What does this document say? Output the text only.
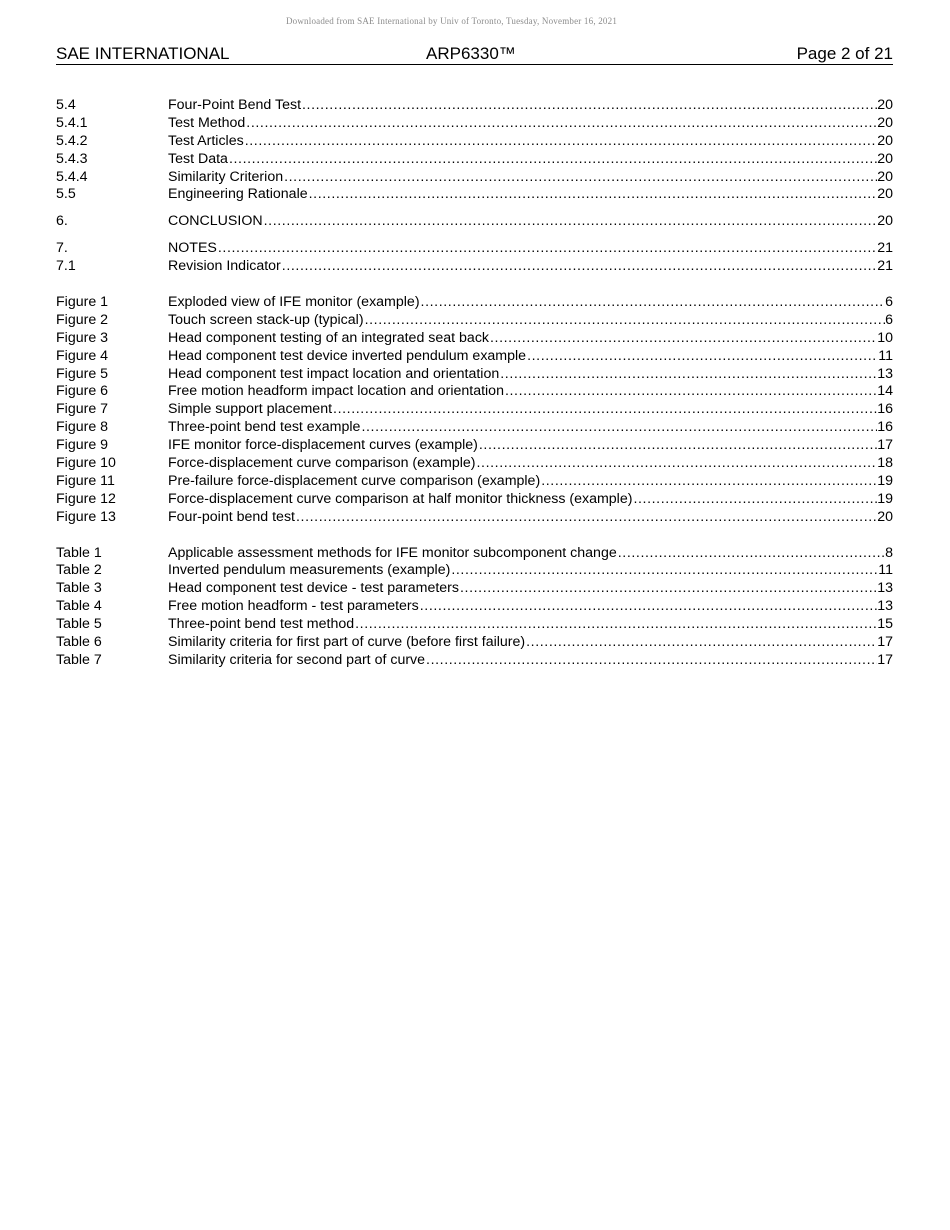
Downloaded from SAE International by Univ of Toronto, Tuesday, November 16, 2021
SAE INTERNATIONAL	ARP6330™	Page 2 of 21
5.4	Four-Point Bend Test .....	20
5.4.1	Test Method .....	20
5.4.2	Test Articles .....	20
5.4.3	Test Data .....	20
5.4.4	Similarity Criterion .....	20
5.5	Engineering Rationale .....	20
6.	CONCLUSION .....	20
7.	NOTES .....	21
7.1	Revision Indicator .....	21
Figure 1	Exploded view of IFE monitor (example) .....	6
Figure 2	Touch screen stack-up (typical) .....	6
Figure 3	Head component testing of an integrated seat back .....	10
Figure 4	Head component test device inverted pendulum example .....	11
Figure 5	Head component test impact location and orientation .....	13
Figure 6	Free motion headform impact location and orientation .....	14
Figure 7	Simple support placement .....	16
Figure 8	Three-point bend test example .....	16
Figure 9	IFE monitor force-displacement curves (example) .....	17
Figure 10	Force-displacement curve comparison (example) .....	18
Figure 11	Pre-failure force-displacement curve comparison (example) .....	19
Figure 12	Force-displacement curve comparison at half monitor thickness (example) .....	19
Figure 13	Four-point bend test .....	20
Table 1	Applicable assessment methods for IFE monitor subcomponent change .....	8
Table 2	Inverted pendulum measurements (example) .....	11
Table 3	Head component test device - test parameters .....	13
Table 4	Free motion headform - test parameters .....	13
Table 5	Three-point bend test method .....	15
Table 6	Similarity criteria for first part of curve (before first failure) .....	17
Table 7	Similarity criteria for second part of curve .....	17
